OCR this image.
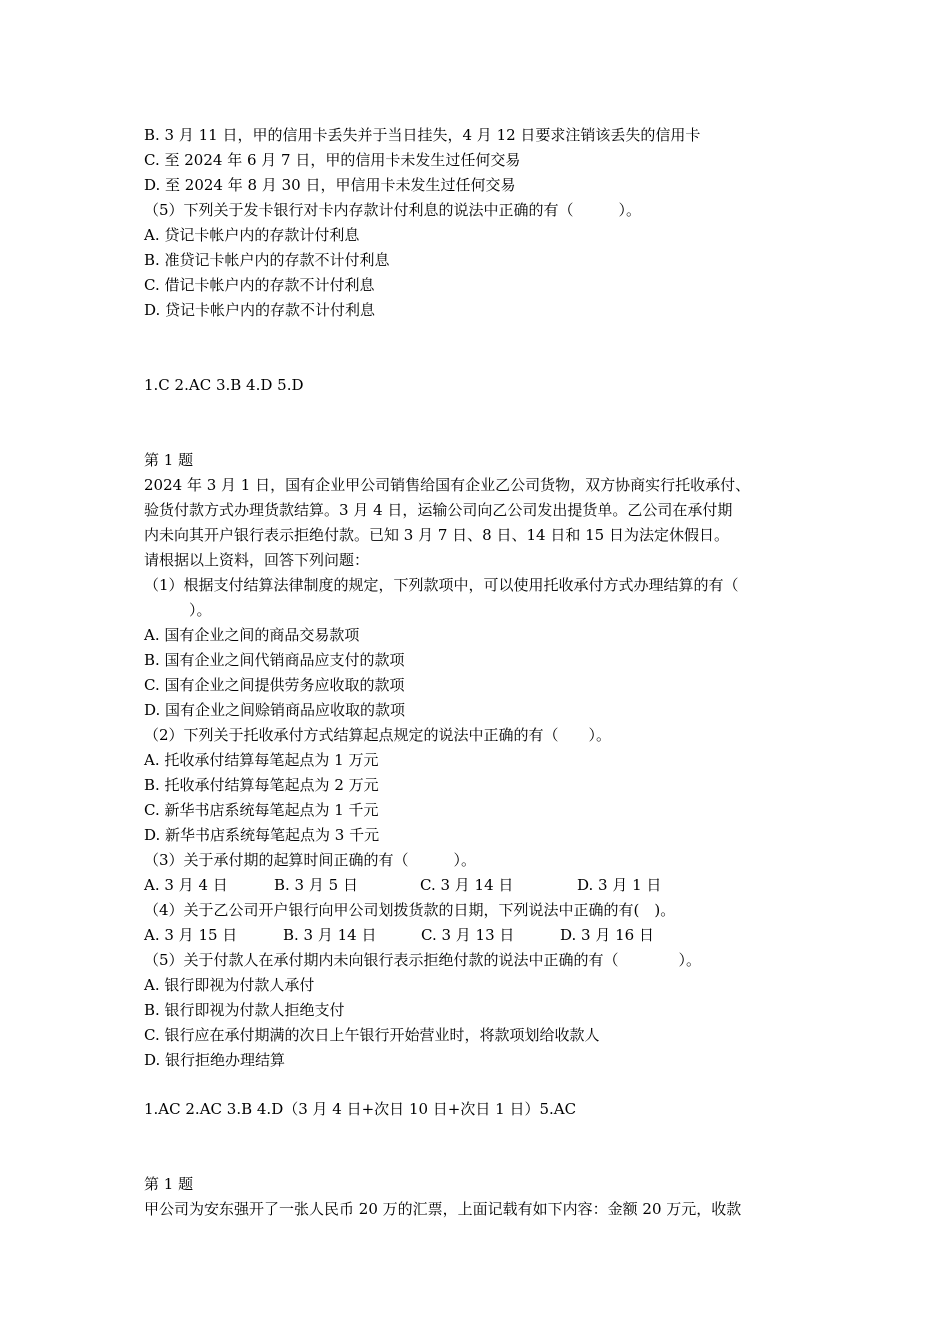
B. 3 月 11 日，甲的信用卡丢失并于当日挂失，4 月 12 日要求注销该丢失的信用卡
C. 至 2024 年 6 月 7 日，甲的信用卡未发生过任何交易
D. 至 2024 年 8 月 30 日，甲信用卡未发生过任何交易
（5）下列关于发卡银行对卡内存款计付利息的说法中正确的有（　　　）。
A. 贷记卡帐户内的存款计付利息
B. 准贷记卡帐户内的存款不计付利息
C. 借记卡帐户内的存款不计付利息
D. 贷记卡帐户内的存款不计付利息
1.C 2.AC 3.B 4.D 5.D
第 1 题
2024 年 3 月 1 日，国有企业甲公司销售给国有企业乙公司货物，双方协商实行托收承付、
验货付款方式办理货款结算。3 月 4 日，运输公司向乙公司发出提货单。乙公司在承付期
内未向其开户银行表示拒绝付款。已知 3 月 7 日、8 日、14 日和 15 日为法定休假日。
请根据以上资料，回答下列问题：
（1）根据支付结算法律制度的规定，下列款项中，可以使用托收承付方式办理结算的有（
　　　）。
A. 国有企业之间的商品交易款项
B. 国有企业之间代销商品应支付的款项
C. 国有企业之间提供劳务应收取的款项
D. 国有企业之间赊销商品应收取的款项
（2）下列关于托收承付方式结算起点规定的说法中正确的有（　　）。
A. 托收承付结算每笔起点为 1 万元
B. 托收承付结算每笔起点为 2 万元
C. 新华书店系统每笔起点为 1 千元
D. 新华书店系统每笔起点为 3 千元
（3）关于承付期的起算时间正确的有（　　　）。
A. 3 月 4 日	B. 3 月 5 日	C. 3 月 14 日	D. 3 月 1 日
（4）关于乙公司开户银行向甲公司划拨货款的日期，下列说法中正确的有(　)。
A. 3 月 15 日	B. 3 月 14 日	C. 3 月 13 日	D. 3 月 16 日
（5）关于付款人在承付期内未向银行表示拒绝付款的说法中正确的有（　　　　）。
A. 银行即视为付款人承付
B. 银行即视为付款人拒绝支付
C. 银行应在承付期满的次日上午银行开始营业时，将款项划给收款人
D. 银行拒绝办理结算
1.AC 2.AC 3.B 4.D（3 月 4 日+次日 10 日+次日 1 日）5.AC
第 1 题
甲公司为安东强开了一张人民币 20 万的汇票，上面记载有如下内容：金额 20 万元，收款
